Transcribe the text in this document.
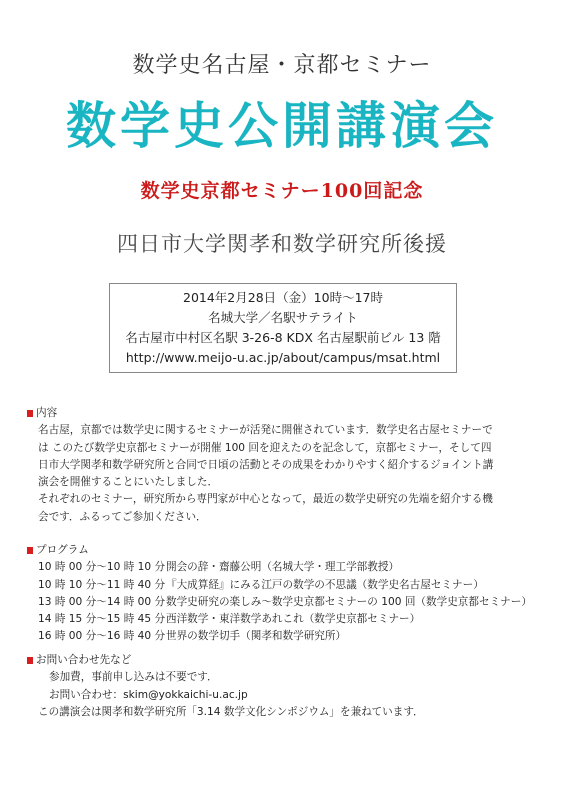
数学史名古屋・京都セミナー
数学史公開講演会
数学史京都セミナー100回記念
四日市大学関孝和数学研究所後援
2014年2月28日（金）10時〜17時
名城大学／名駅サテライト
名古屋市中村区名駅 3-26-8 KDX 名古屋駅前ビル 13 階
http://www.meijo-u.ac.jp/about/campus/msat.html
内容
名古屋，京都では数学史に関するセミナーが活発に開催されています．数学史名古屋セミナーで
は このたび数学史京都セミナーが開催 100 回を迎えたのを記念して，京都セミナー，そして四
日市大学関孝和数学研究所と合同で日頃の活動とその成果をわかりやすく紹介するジョイント講
演会を開催することにいたしました．
それぞれのセミナー，研究所から専門家が中心となって，最近の数学史研究の先端を紹介する機
会です．ふるってご参加ください．
プログラム
10 時 00 分〜10 時 10 分開会の辞・齋藤公明（名城大学・理工学部教授）
10 時 10 分〜11 時 40 分『大成算経』にみる江戸の数学の不思議（数学史名古屋セミナー）
13 時 00 分〜14 時 00 分数学史研究の楽しみ〜数学史京都セミナーの 100 回（数学史京都セミナー）
14 時 15 分〜15 時 45 分西洋数学・東洋数学あれこれ（数学史京都セミナー）
16 時 00 分〜16 時 40 分世界の数学切手（関孝和数学研究所）
お問い合わせ先など
参加費，事前申し込みは不要です．
お問い合わせ：skim@yokkaichi-u.ac.jp
この講演会は関孝和数学研究所「3.14 数学文化シンポジウム」を兼ねています．
